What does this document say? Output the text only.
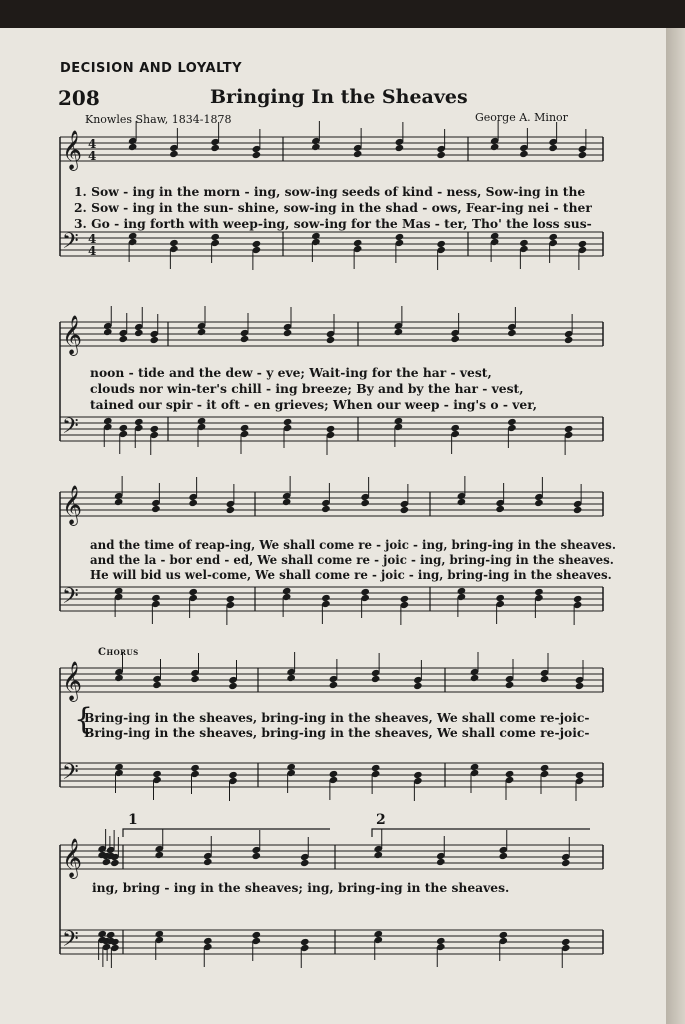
DECISION AND LOYALTY
208	Bringing In the Sheaves
Knowles Shaw, 1834-1878	George A. Minor
𝄞
𝄢
4
4
4
4
𝄞
𝄢
𝄞
𝄢
𝄞
𝄢
𝄞
𝄢
1. Sow - ing in the morn - ing, sow-ing seeds of kind - ness, Sow-ing in the
2. Sow - ing in the sun- shine, sow-ing in the shad - ows, Fear-ing nei - ther
3. Go - ing forth with weep-ing, sow-ing for the Mas - ter, Tho' the loss sus-
noon - tide and the dew - y eve; Wait-ing for the har - vest,
clouds nor win-ter's chill - ing breeze; By and by the har - vest,
tained our spir - it oft - en grieves; When our weep - ing's o - ver,
and the time of reap-ing, We shall come re - joic - ing, bring-ing in the sheaves.
and the la - bor end - ed, We shall come re - joic - ing, bring-ing in the sheaves.
He will bid us wel-come, We shall come re - joic - ing, bring-ing in the sheaves.
Chorus
{
Bring-ing in the sheaves, bring-ing in the sheaves, We shall come re-joic-
Bring-ing in the sheaves, bring-ing in the sheaves, We shall come re-joic-
ing, bring - ing in the sheaves; ing, bring-ing in the sheaves.
1	2
